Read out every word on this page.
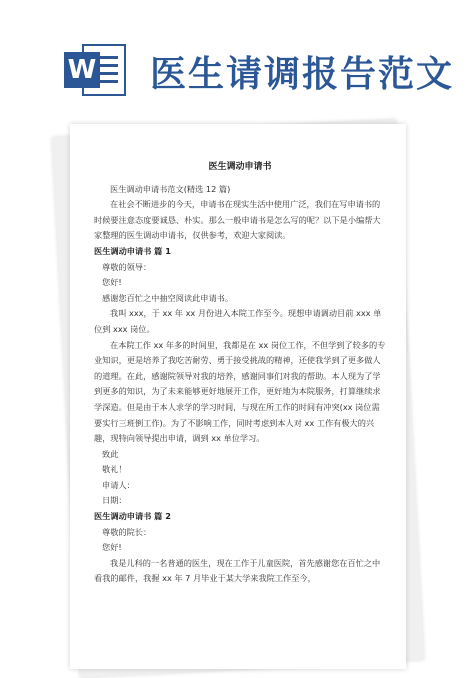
W 医生请调报告范文

医生调动申请书

医生调动申请书范文(精选 12 篇)

在社会不断进步的今天，申请书在现实生活中使用广泛，我们在写申请书的时候要注意态度要诚恳、朴实。那么一般申请书是怎么写的呢？以下是小编帮大家整理的医生调动申请书，仅供参考，欢迎大家阅读。

医生调动申请书 篇 1

尊敬的领导：

您好!

感谢您百忙之中抽空阅读此申请书。

我叫 xxx，于 xx 年 xx 月份进入本院工作至今。现想申请调动目前 xxx 单位到 xxx 岗位。

在本院工作 xx 年多的时间里，我都是在 xx 岗位工作，不但学到了较多的专业知识，更是培养了我吃苦耐劳、勇于接受挑战的精神，还使我学到了更多做人的道理。在此，感谢院领导对我的培养，感谢同事们对我的帮助。本人现为了学到更多的知识，为了未来能够更好地展开工作，更好地为本院服务，打算继续求学深造。但是由于本人求学的学习时间，与现在所工作的时间有冲突(xx 岗位需要实行三班倒工作)。为了不影响工作，同时考虑到本人对 xx 工作有极大的兴趣，现特向领导提出申请，调到 xx 单位学习。

致此

敬礼！

申请人：

日期：

医生调动申请书 篇 2

尊敬的院长：

您好!

我是儿科的一名普通的医生，现在工作于儿童医院，首先感谢您在百忙之中看我的邮件，我握 xx 年 7 月毕业于某大学来我院工作至今，
